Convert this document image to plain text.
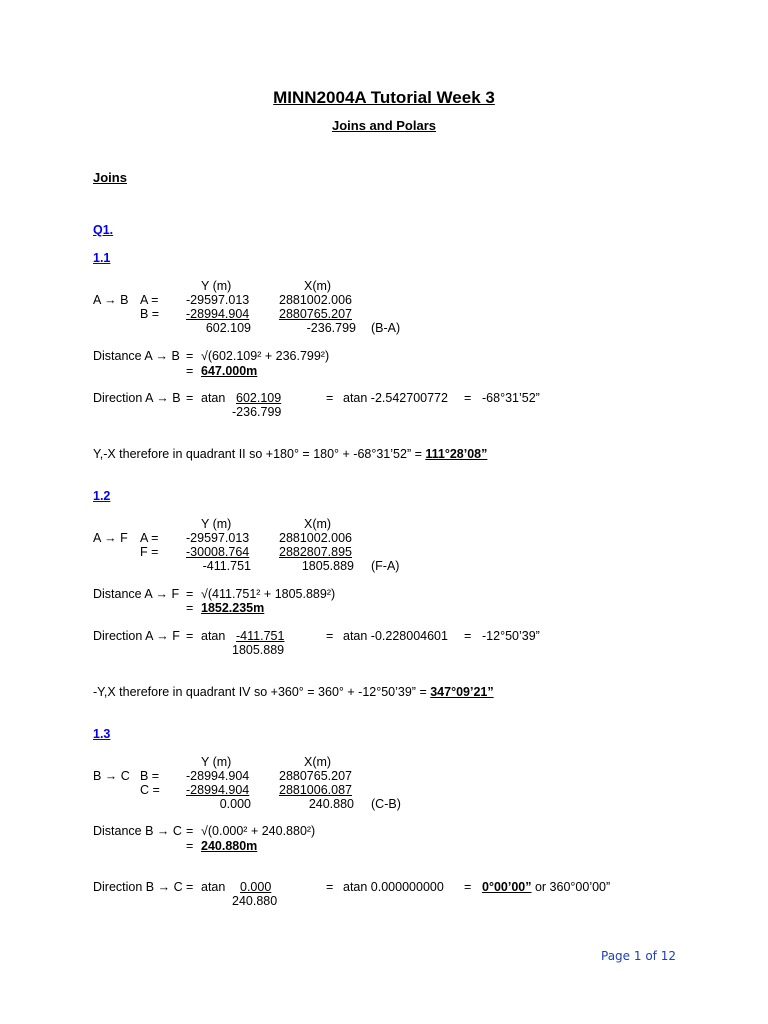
MINN2004A Tutorial Week 3
Joins and Polars
Joins
Q1.
1.1
Y (m)	X(m)
A → B A = -29597.013 2881002.006
B = -28994.904	2880765.207
602.109	-236.799 (B-A)
Distance A → B = √(602.109² + 236.799²)
= 647.000m
Direction A → B = atan 602.109
-236.799
= atan -2.542700772 = -68°31’52”
Y,-X therefore in quadrant II so +180° = 180° + -68°31’52” = 111°28’08”
1.2
Y (m)	X(m)
A → F A = -29597.013 2881002.006
F = -30008.764	2882807.895
-411.751	1805.889 (F-A)
Distance A → F = √(411.751² + 1805.889²)
= 1852.235m
Direction A → F = atan -411.751
1805.889
= atan -0.228004601 = -12°50’39”
-Y,X therefore in quadrant IV so +360° = 360° + -12°50’39” = 347°09’21”
1.3
Y (m)	X(m)
B → C B = -28994.904 2880765.207
C = -28994.904	2881006.087
0.000	240.880 (C-B)
Distance B → C = √(0.000² + 240.880²)
= 240.880m
Direction B → C = atan	0.000
240.880
= atan 0.000000000 = 0°00’00” or 360°00’00”
Page 1 of 12
